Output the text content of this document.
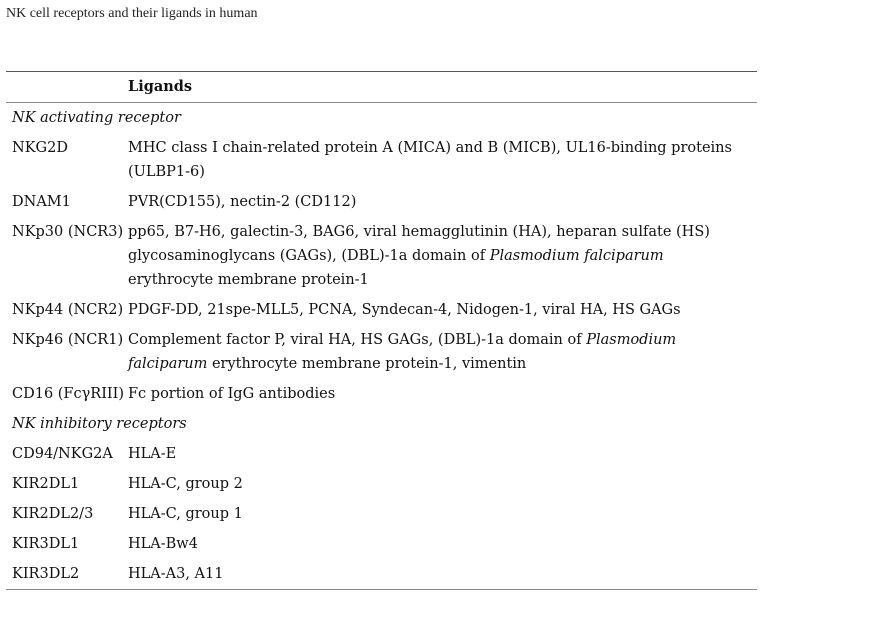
NK cell receptors and their ligands in human
	Ligands
NK activating receptor	
NKG2D	MHC class I chain-related protein A (MICA) and B (MICB), UL16-binding proteins (ULBP1-6)
DNAM1	PVR(CD155), nectin-2 (CD112)
NKp30 (NCR3)	pp65, B7-H6, galectin-3, BAG6, viral hemagglutinin (HA), heparan sulfate (HS) glycosaminoglycans (GAGs), (DBL)-1a domain of Plasmodium falciparum erythrocyte membrane protein-1
NKp44 (NCR2)	PDGF-DD, 21spe-MLL5, PCNA, Syndecan-4, Nidogen-1, viral HA, HS GAGs
NKp46 (NCR1)	Complement factor P, viral HA, HS GAGs, (DBL)-1a domain of Plasmodium falciparum erythrocyte membrane protein-1, vimentin
CD16 (FcγRIII)	Fc portion of IgG antibodies
NK inhibitory receptors	
CD94/NKG2A	HLA-E
KIR2DL1	HLA-C, group 2
KIR2DL2/3	HLA-C, group 1
KIR3DL1	HLA-Bw4
KIR3DL2	HLA-A3, A11
